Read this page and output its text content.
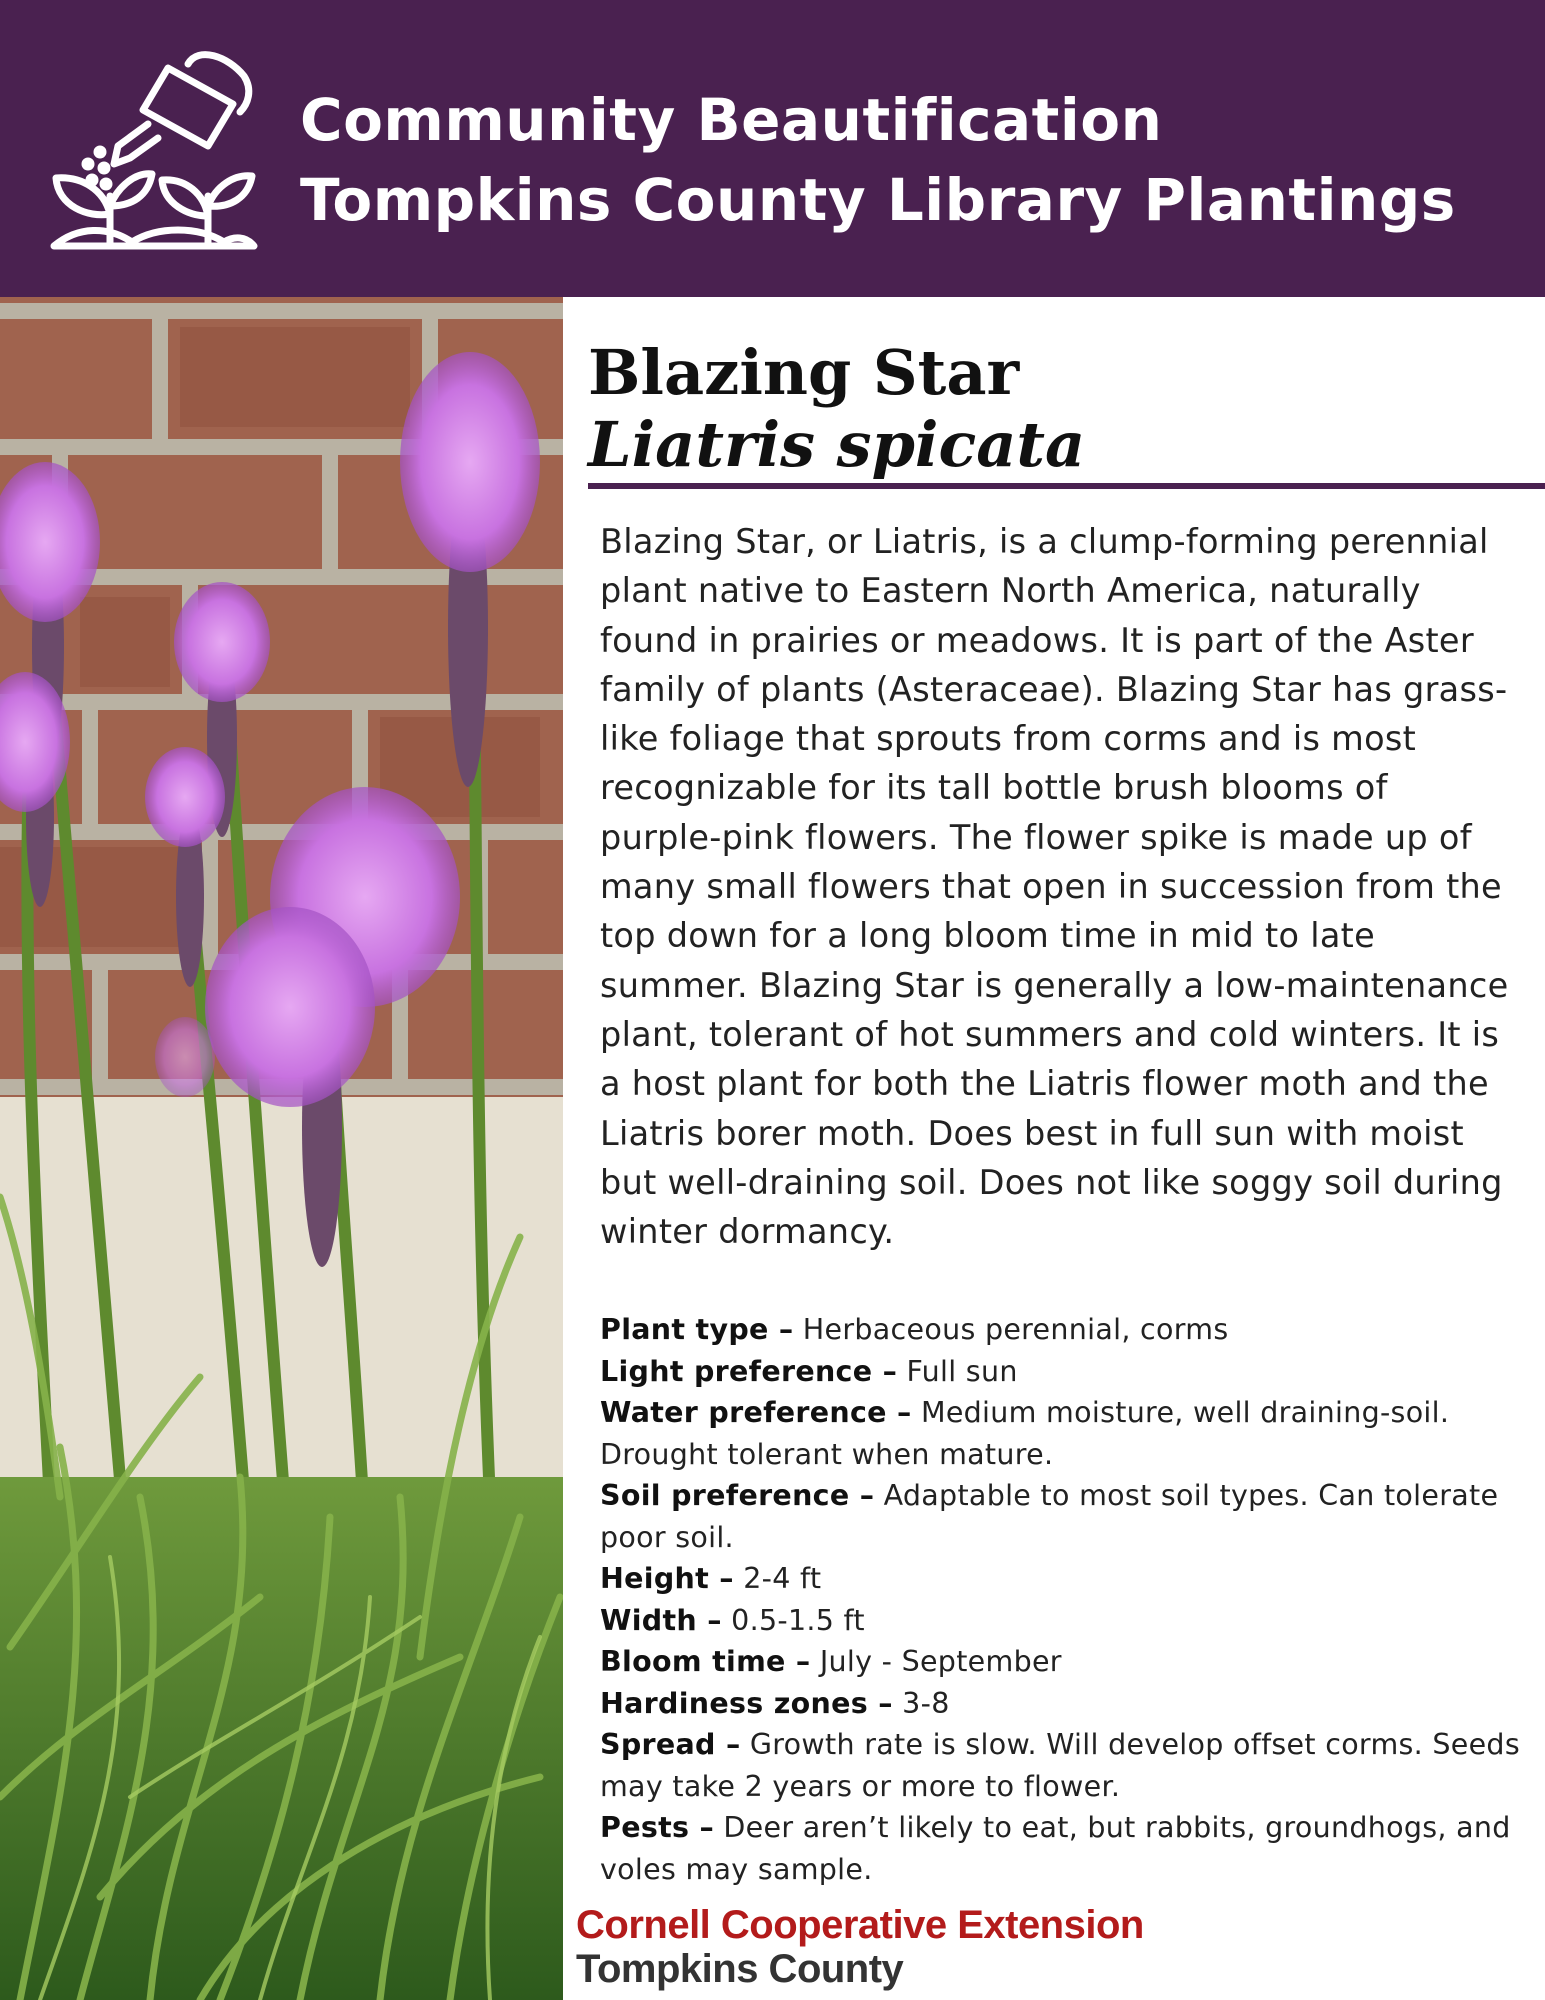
Community Beautification
Tompkins County Library Plantings
Blazing Star
Liatris spicata
Blazing Star, or Liatris, is a clump-forming perennial plant native to Eastern North America, naturally found in prairies or meadows. It is part of the Aster family of plants (Asteraceae). Blazing Star has grass-like foliage that sprouts from corms and is most recognizable for its tall bottle brush blooms of purple-pink flowers. The flower spike is made up of many small flowers that open in succession from the top down for a long bloom time in mid to late summer. Blazing Star is generally a low-maintenance plant, tolerant of hot summers and cold winters. It is a host plant for both the Liatris flower moth and the Liatris borer moth. Does best in full sun with moist but well-draining soil. Does not like soggy soil during winter dormancy.
Plant type – Herbaceous perennial, corms
Light preference – Full sun
Water preference – Medium moisture, well draining-soil. Drought tolerant when mature.
Soil preference – Adaptable to most soil types. Can tolerate poor soil.
Height – 2-4 ft
Width – 0.5-1.5 ft
Bloom time – July - September
Hardiness zones – 3-8
Spread – Growth rate is slow. Will develop offset corms. Seeds may take 2 years or more to flower.
Pests – Deer aren’t likely to eat, but rabbits, groundhogs, and voles may sample.
Cornell Cooperative Extension
Tompkins County
